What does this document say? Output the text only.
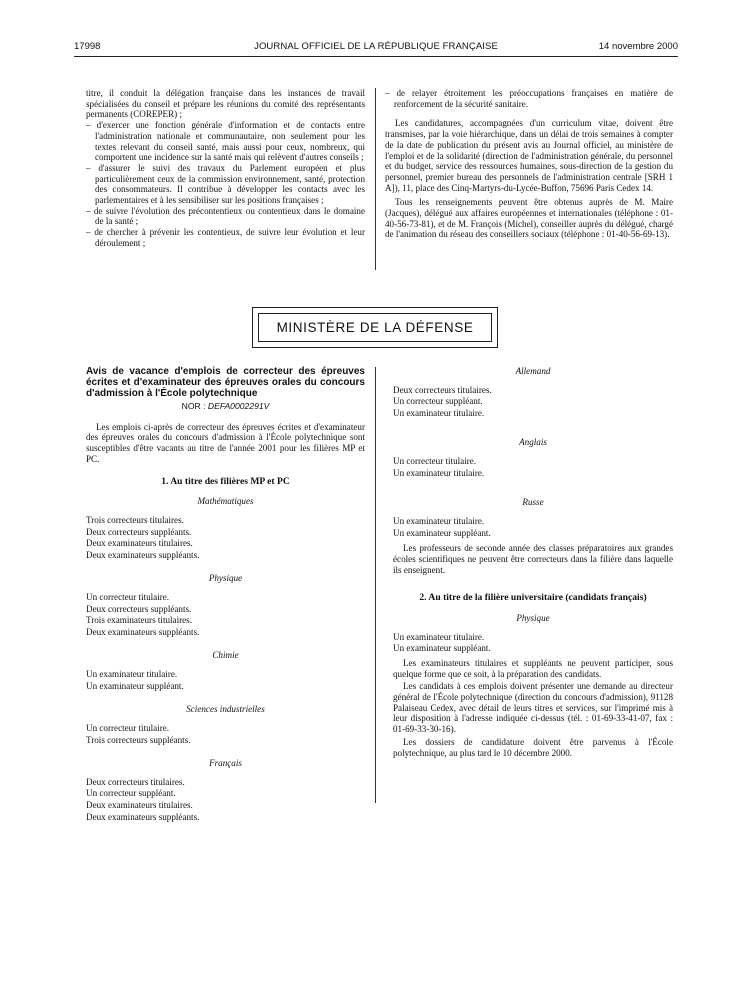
17998	JOURNAL OFFICIEL DE LA RÉPUBLIQUE FRANÇAISE	14 novembre 2000

titre, il conduit la délégation française dans les instances de travail spécialisées du conseil et prépare les réunions du comité des représentants permanents (COREPER) ;

– d'exercer une fonction générale d'information et de contacts entre l'administration nationale et communautaire, non seulement pour les textes relevant du conseil santé, mais aussi pour ceux, nombreux, qui comportent une incidence sur la santé mais qui relèvent d'autres conseils ;

– d'assurer le suivi des travaux du Parlement européen et plus particulièrement ceux de la commission environnement, santé, protection des consommateurs. Il contribue à développer les contacts avec les parlementaires et à les sensibiliser sur les positions françaises ;

– de suivre l'évolution des précontentieux ou contentieux dans le domaine de la santé ;

– de chercher à prévenir les contentieux, de suivre leur évolution et leur déroulement ;

– de relayer étroitement les préoccupations françaises en matière de renforcement de la sécurité sanitaire.

Les candidatures, accompagnées d'un curriculum vitae, doivent être transmises, par la voie hiérarchique, dans un délai de trois semaines à compter de la date de publication du présent avis au Journal officiel, au ministère de l'emploi et de la solidarité (direction de l'administration générale, du personnel et du budget, service des ressources humaines, sous-direction de la gestion du personnel, premier bureau des personnels de l'administration centrale [SRH 1 A]), 11, place des Cinq-Martyrs-du-Lycée-Buffon, 75696 Paris Cedex 14.

Tous les renseignements peuvent être obtenus auprès de M. Maire (Jacques), délégué aux affaires européennes et internationales (téléphone : 01-40-56-73-81), et de M. François (Michel), conseiller auprès du délégué, chargé de l'animation du réseau des conseillers sociaux (téléphone : 01-40-56-69-13).

MINISTÈRE DE LA DÉFENSE

Avis de vacance d'emplois de correcteur des épreuves écrites et d'examinateur des épreuves orales du concours d'admission à l'École polytechnique

NOR : DEFA0002291V

Les emplois ci-après de correcteur des épreuves écrites et d'examinateur des épreuves orales du concours d'admission à l'École polytechnique sont susceptibles d'être vacants au titre de l'année 2001 pour les filières MP et PC.

1. Au titre des filières MP et PC

Mathématiques

Trois correcteurs titulaires.

Deux correcteurs suppléants.

Deux examinateurs titulaires.

Deux examinateurs suppléants.

Physique

Un correcteur titulaire.

Deux correcteurs suppléants.

Trois examinateurs titulaires.

Deux examinateurs suppléants.

Chimie

Un examinateur titulaire.

Un examinateur suppléant.

Sciences industrielles

Un correcteur titulaire.

Trois correcteurs suppléants.

Français

Deux correcteurs titulaires.

Un correcteur suppléant.

Deux examinateurs titulaires.

Deux examinateurs suppléants.

Allemand

Deux correcteurs titulaires.

Un correcteur suppléant.

Un examinateur titulaire.

Anglais

Un correcteur titulaire.

Un examinateur titulaire.

Russe

Un examinateur titulaire.

Un examinateur suppléant.

Les professeurs de seconde année des classes préparatoires aux grandes écoles scientifiques ne peuvent être correcteurs dans la filière dans laquelle ils enseignent.

2. Au titre de la filière universitaire (candidats français)

Physique

Un examinateur titulaire.

Un examinateur suppléant.

Les examinateurs titulaires et suppléants ne peuvent participer, sous quelque forme que ce soit, à la préparation des candidats.

Les candidats à ces emplois doivent présenter une demande au directeur général de l'École polytechnique (direction du concours d'admission), 91128 Palaiseau Cedex, avec détail de leurs titres et services, sur l'imprimé mis à leur disposition à l'adresse indiquée ci-dessus (tél. : 01-69-33-41-07, fax : 01-69-33-30-16).

Les dossiers de candidature doivent être parvenus à l'École polytechnique, au plus tard le 10 décembre 2000.
